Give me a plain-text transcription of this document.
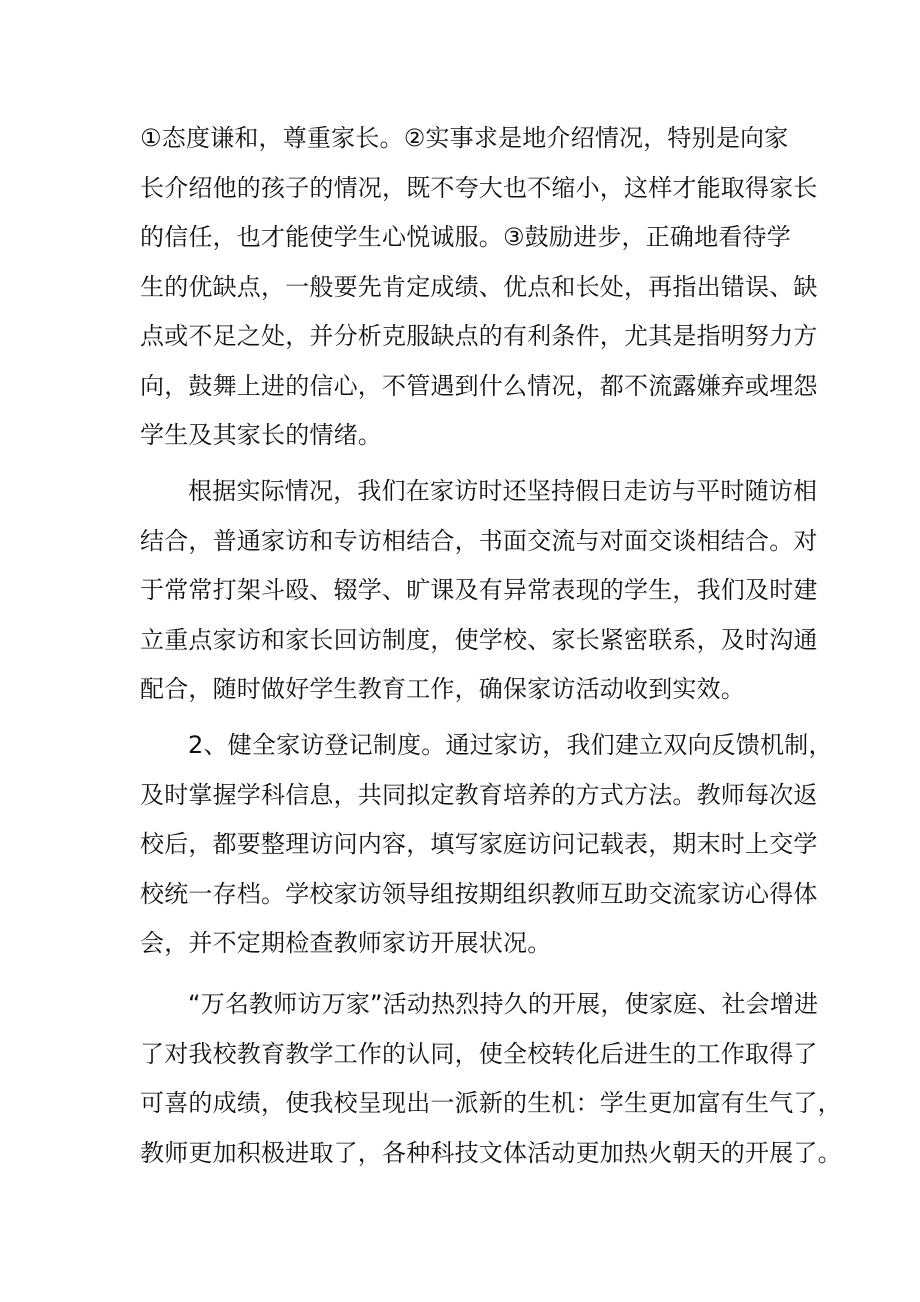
①态度谦和，尊重家长。②实事求是地介绍情况，特别是向家
长介绍他的孩子的情况，既不夸大也不缩小，这样才能取得家长
的信任，也才能使学生心悦诚服。③鼓励进步，正确地看待学
生的优缺点，一般要先肯定成绩、优点和长处，再指出错误、缺
点或不足之处，并分析克服缺点的有利条件，尤其是指明努力方
向，鼓舞上进的信心，不管遇到什么情况，都不流露嫌弃或埋怨
学生及其家长的情绪。
根据实际情况，我们在家访时还坚持假日走访与平时随访相
结合，普通家访和专访相结合，书面交流与对面交谈相结合。对
于常常打架斗殴、辍学、旷课及有异常表现的学生，我们及时建
立重点家访和家长回访制度，使学校、家长紧密联系，及时沟通
配合，随时做好学生教育工作，确保家访活动收到实效。
2、健全家访登记制度。通过家访，我们建立双向反馈机制，
及时掌握学科信息，共同拟定教育培养的方式方法。教师每次返
校后，都要整理访问内容，填写家庭访问记载表，期末时上交学
校统一存档。学校家访领导组按期组织教师互助交流家访心得体
会，并不定期检查教师家访开展状况。
“万名教师访万家”活动热烈持久的开展，使家庭、社会增进
了对我校教育教学工作的认同，使全校转化后进生的工作取得了
可喜的成绩，使我校呈现出一派新的生机：学生更加富有生气了，
教师更加积极进取了，各种科技文体活动更加热火朝天的开展了。
